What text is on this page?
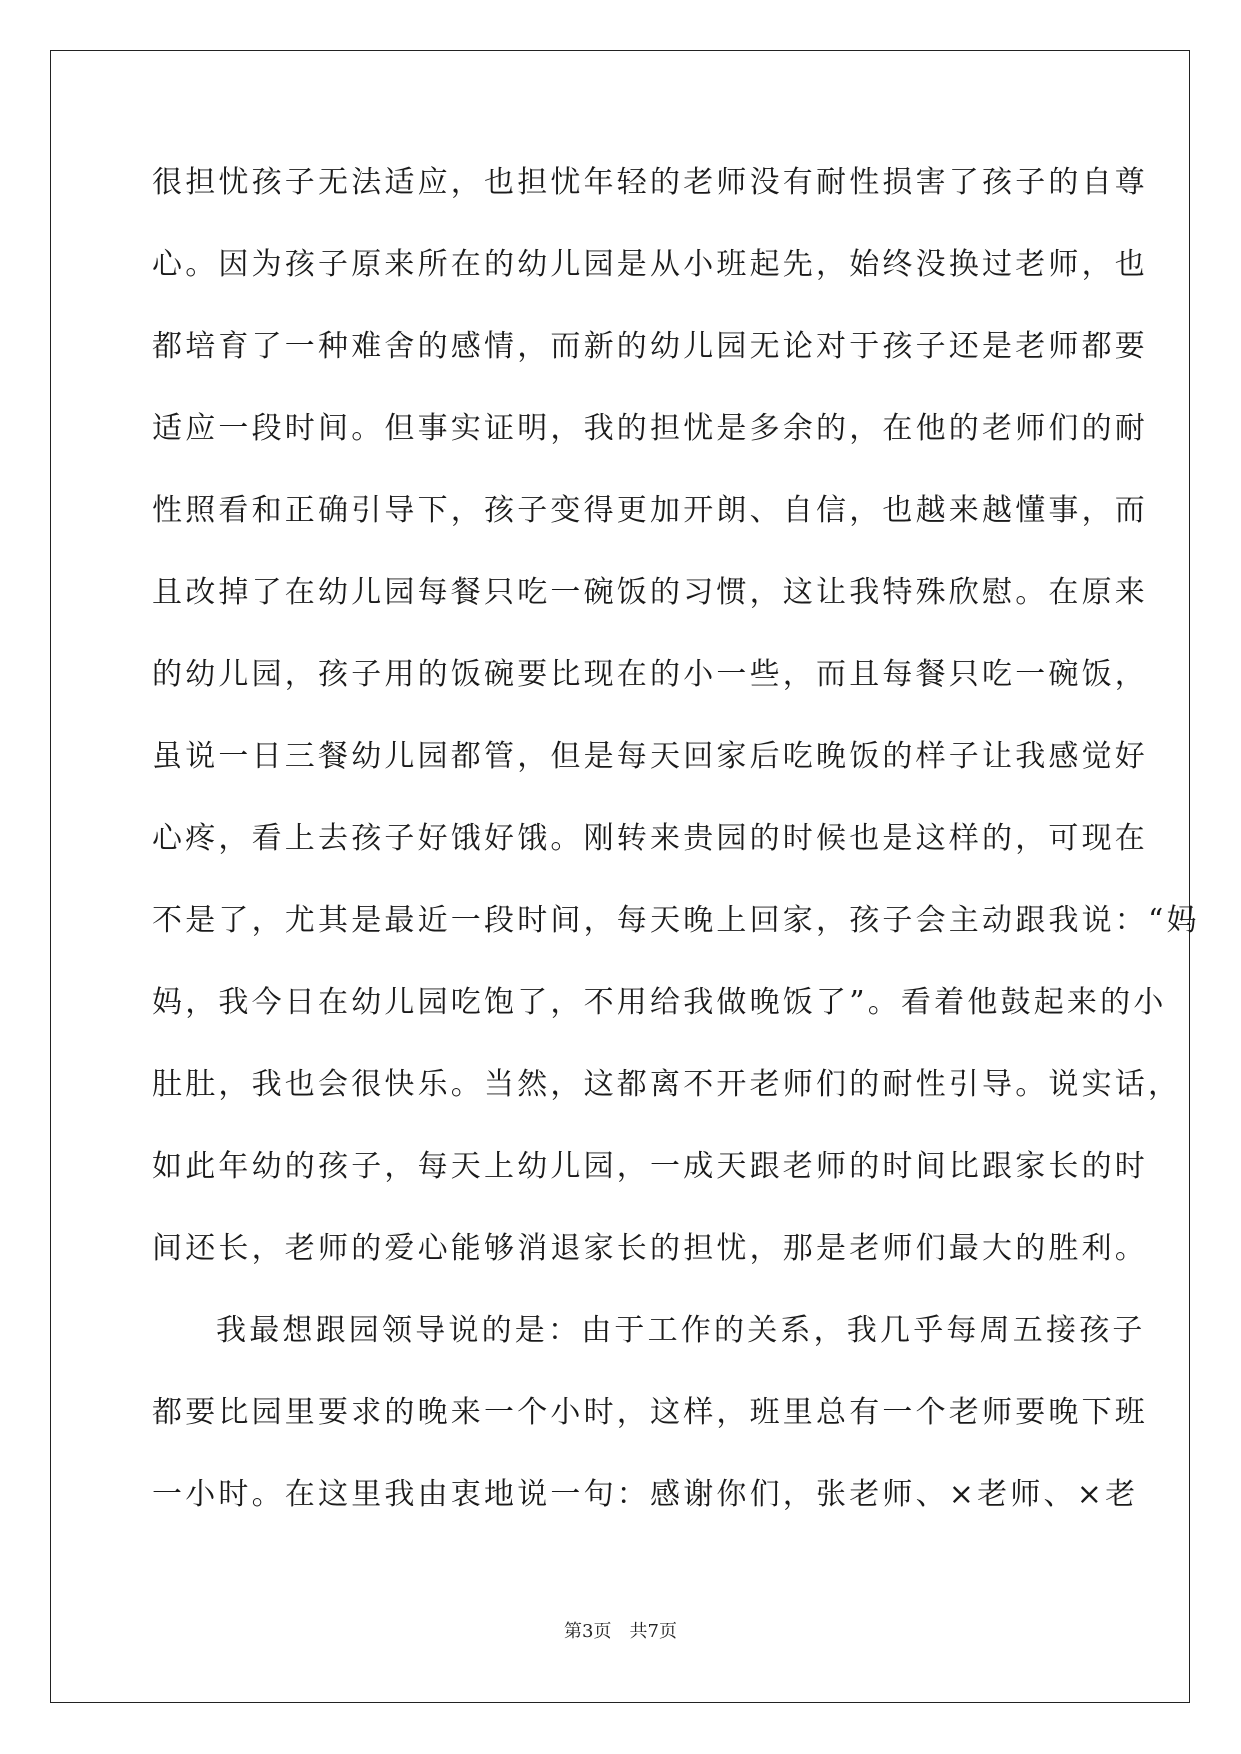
很担忧孩子无法适应，也担忧年轻的老师没有耐性损害了孩子的自尊
心。因为孩子原来所在的幼儿园是从小班起先，始终没换过老师，也
都培育了一种难舍的感情，而新的幼儿园无论对于孩子还是老师都要
适应一段时间。但事实证明，我的担忧是多余的，在他的老师们的耐
性照看和正确引导下，孩子变得更加开朗、自信，也越来越懂事，而
且改掉了在幼儿园每餐只吃一碗饭的习惯，这让我特殊欣慰。在原来
的幼儿园，孩子用的饭碗要比现在的小一些，而且每餐只吃一碗饭，
虽说一日三餐幼儿园都管，但是每天回家后吃晚饭的样子让我感觉好
心疼，看上去孩子好饿好饿。刚转来贵园的时候也是这样的，可现在
不是了，尤其是最近一段时间，每天晚上回家，孩子会主动跟我说：“妈
妈，我今日在幼儿园吃饱了，不用给我做晚饭了”。看着他鼓起来的小
肚肚，我也会很快乐。当然，这都离不开老师们的耐性引导。说实话，
如此年幼的孩子，每天上幼儿园，一成天跟老师的时间比跟家长的时
间还长，老师的爱心能够消退家长的担忧，那是老师们最大的胜利。
我最想跟园领导说的是：由于工作的关系，我几乎每周五接孩子
都要比园里要求的晚来一个小时，这样，班里总有一个老师要晚下班
一小时。在这里我由衷地说一句：感谢你们，张老师、×老师、×老
第3页　共7页
